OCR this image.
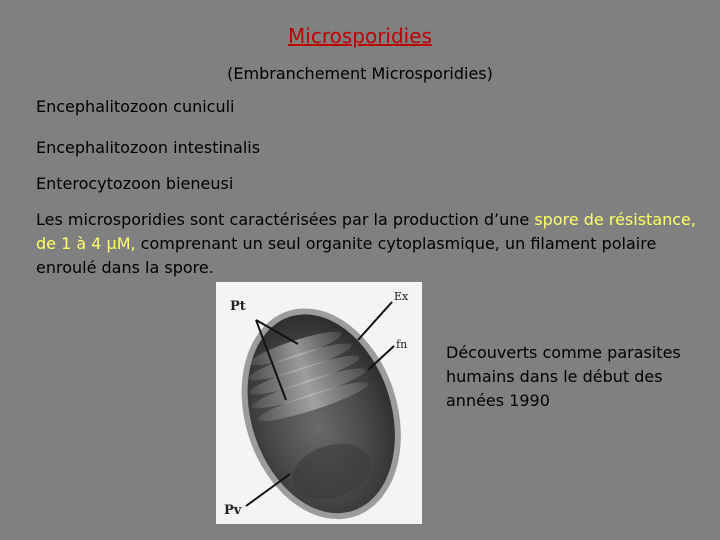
Microsporidies
(Embranchement Microsporidies)
Encephalitozoon cuniculi
Encephalitozoon intestinalis
Enterocytozoon bieneusi
Les microsporidies sont caractérisées par la production d’une spore de résistance, de 1 à 4 µM, comprenant un seul organite cytoplasmique, un filament polaire enroulé dans la spore.
Pt
Ex
fn
Pv
Découverts comme parasites humains dans le début des années 1990
